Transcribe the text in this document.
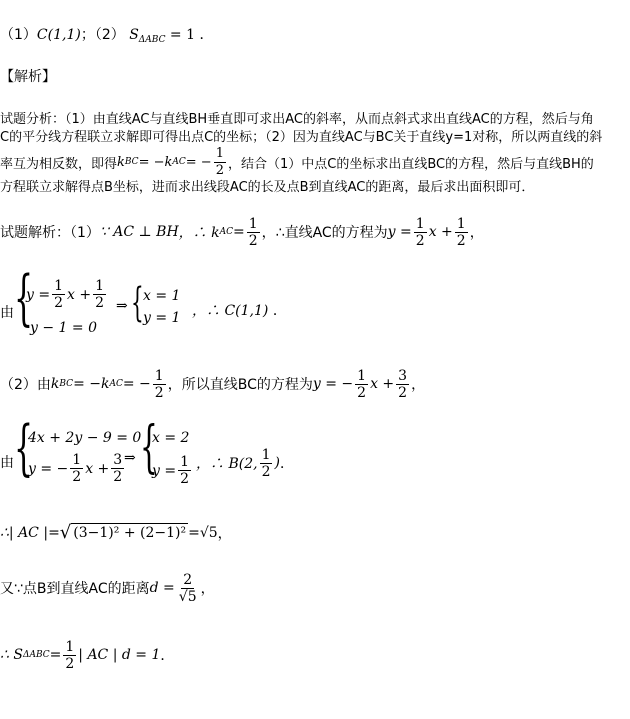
（1）C(1,1)；（2） $S_{\Delta ABC} = 1$ ．
【解析】
试题分析：（1）由直线AC与直线BH垂直即可求出AC的斜率，从而点斜式求出直线AC的方程，然后与角
C的平分线方程联立求解即可得出点C的坐标；（2）因为直线AC与BC关于直线y=1对称，所以两直线的斜
率互为相反数，即得 k BC = −k AC = − $\frac{1}{2}$ ，结合（1）中点C的坐标求出直线BC的方程，然后与直线BH的
方程联立求解得点B坐标，进而求出线段AC的长及点B到直线AC的距离，最后求出面积即可．
试题解析：（1） ∵ AC ⊥ BH ，∴ k AC = $\frac{1}{2}$ ，∴直线AC的方程为 $y = \frac{1}{2}$ $x + \frac{1}{2}$ ，
由 {
$y = \frac{1}{2}$ $x + \frac{1}{2}$
y − 1 = 0
⇒ { x = 1
y = 1 ，∴ C(1,1) ．
（2）由 k BC = −k AC = − $\frac{1}{2}$ ，所以直线BC的方程为 y = − $\frac{1}{2}$ $x + \frac{3}{2}$ ，
由 {
4x + 2y − 9 = 0
y = − $\frac{1}{2}$ $x + \frac{3}{2}$ ⇒ {
x = 2
$y = \frac{1}{2}$ ，∴ B(2, $\frac{1}{2}$ ) ．
∴| AC |= √ (3−1)² + (2−1)² = √5 ，
又∵点B到直线AC的距离 $d = \frac{2}{√5}$ ，
∴ S $\Delta ABC = \frac{1}{2}$ | AC | d = 1 ．
